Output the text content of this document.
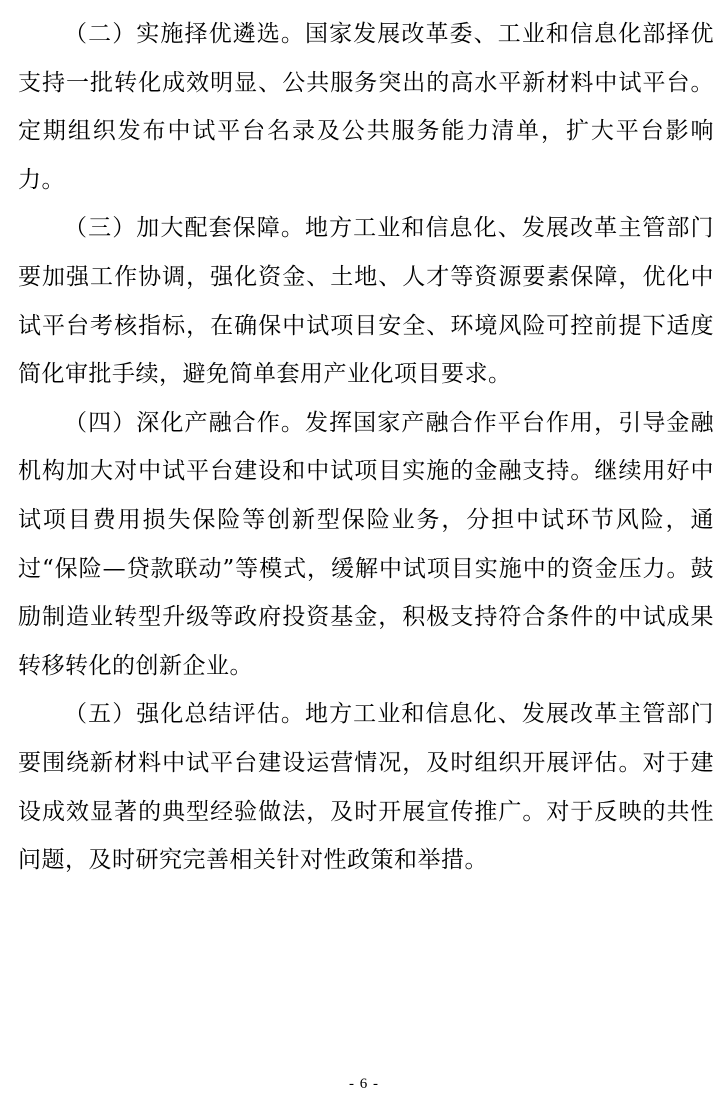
（二）实施择优遴选。国家发展改革委、工业和信息化部择优支持一批转化成效明显、公共服务突出的高水平新材料中试平台。定期组织发布中试平台名录及公共服务能力清单，扩大平台影响力。

（三）加大配套保障。地方工业和信息化、发展改革主管部门要加强工作协调，强化资金、土地、人才等资源要素保障，优化中试平台考核指标，在确保中试项目安全、环境风险可控前提下适度简化审批手续，避免简单套用产业化项目要求。

（四）深化产融合作。发挥国家产融合作平台作用，引导金融机构加大对中试平台建设和中试项目实施的金融支持。继续用好中试项目费用损失保险等创新型保险业务，分担中试环节风险，通过“保险—贷款联动”等模式，缓解中试项目实施中的资金压力。鼓励制造业转型升级等政府投资基金，积极支持符合条件的中试成果转移转化的创新企业。

（五）强化总结评估。地方工业和信息化、发展改革主管部门要围绕新材料中试平台建设运营情况，及时组织开展评估。对于建设成效显著的典型经验做法，及时开展宣传推广。对于反映的共性问题，及时研究完善相关针对性政策和举措。

- 6 -
